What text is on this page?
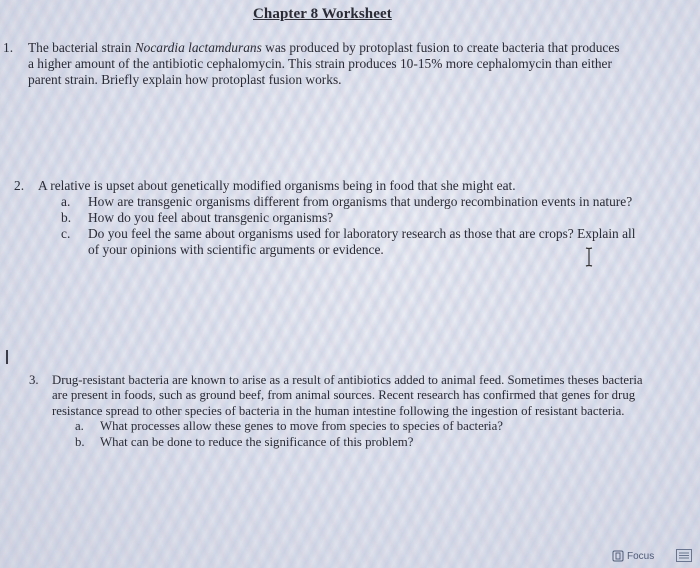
Chapter 8 Worksheet
1. The bacterial strain Nocardia lactamdurans was produced by protoplast fusion to create bacteria that produces a higher amount of the antibiotic cephalomycin. This strain produces 10-15% more cephalomycin than either parent strain. Briefly explain how protoplast fusion works.
2. A relative is upset about genetically modified organisms being in food that she might eat.
a. How are transgenic organisms different from organisms that undergo recombination events in nature?
b. How do you feel about transgenic organisms?
c. Do you feel the same about organisms used for laboratory research as those that are crops? Explain all of your opinions with scientific arguments or evidence.
3. Drug-resistant bacteria are known to arise as a result of antibiotics added to animal feed. Sometimes theses bacteria are present in foods, such as ground beef, from animal sources. Recent research has confirmed that genes for drug resistance spread to other species of bacteria in the human intestine following the ingestion of resistant bacteria.
a. What processes allow these genes to move from species to species of bacteria?
b. What can be done to reduce the significance of this problem?
Focus
